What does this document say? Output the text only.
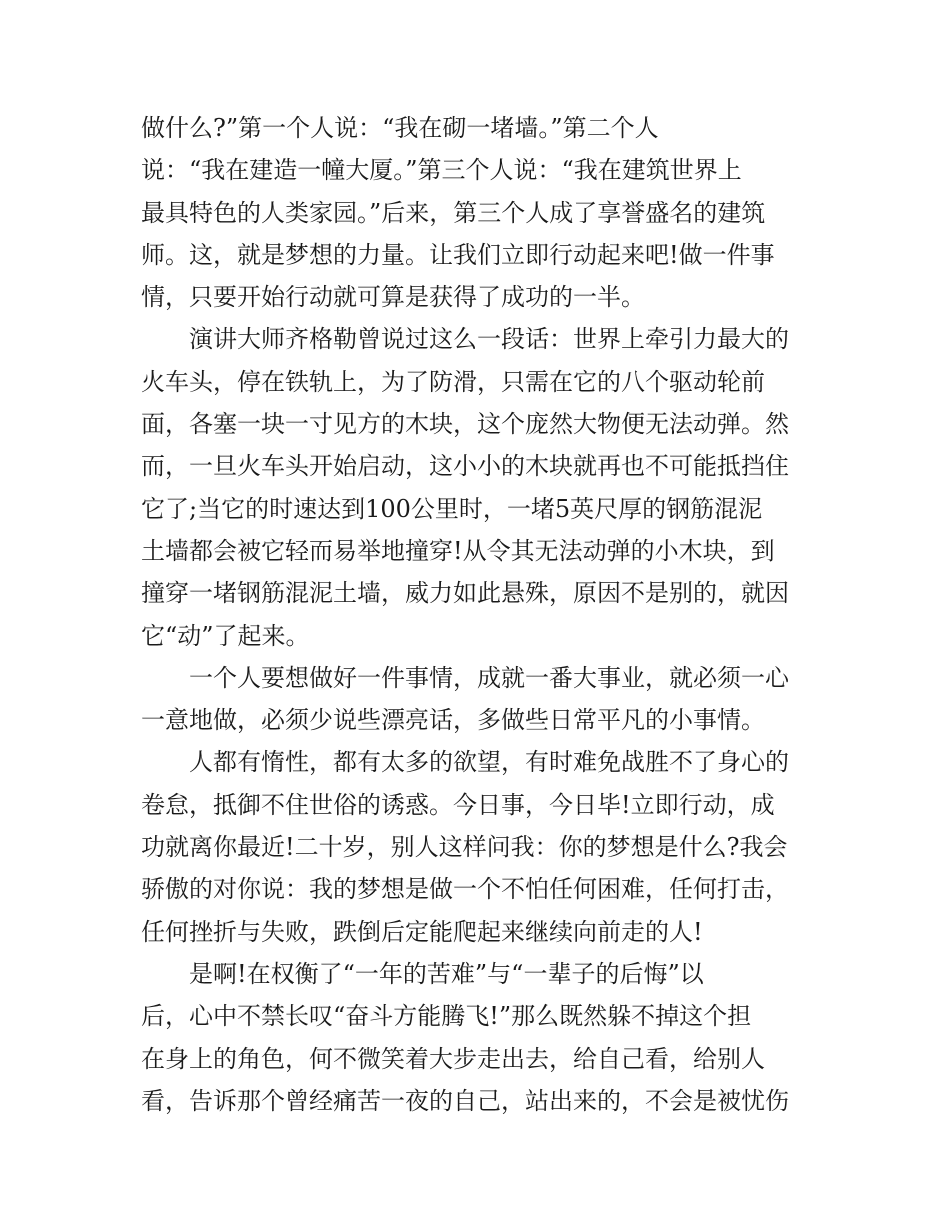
做什么?”第一个人说：“我在砌一堵墙。”第二个人
说：“我在建造一幢大厦。”第三个人说：“我在建筑世界上
最具特色的人类家园。”后来，第三个人成了享誉盛名的建筑
师。这，就是梦想的力量。让我们立即行动起来吧!做一件事
情，只要开始行动就可算是获得了成功的一半。
演讲大师齐格勒曾说过这么一段话：世界上牵引力最大的
火车头，停在铁轨上，为了防滑，只需在它的八个驱动轮前
面，各塞一块一寸见方的木块，这个庞然大物便无法动弹。然
而，一旦火车头开始启动，这小小的木块就再也不可能抵挡住
它了;当它的时速达到100公里时，一堵5英尺厚的钢筋混泥
土墙都会被它轻而易举地撞穿!从令其无法动弹的小木块，到
撞穿一堵钢筋混泥土墙，威力如此悬殊，原因不是别的，就因
它“动”了起来。
一个人要想做好一件事情，成就一番大事业，就必须一心
一意地做，必须少说些漂亮话，多做些日常平凡的小事情。
人都有惰性，都有太多的欲望，有时难免战胜不了身心的
卷怠，抵御不住世俗的诱惑。今日事，今日毕!立即行动，成
功就离你最近!二十岁，别人这样问我：你的梦想是什么?我会
骄傲的对你说：我的梦想是做一个不怕任何困难，任何打击，
任何挫折与失败，跌倒后定能爬起来继续向前走的人!
是啊!在权衡了“一年的苦难”与“一辈子的后悔”以
后，心中不禁长叹“奋斗方能腾飞!”那么既然躲不掉这个担
在身上的角色，何不微笑着大步走出去，给自己看，给别人
看，告诉那个曾经痛苦一夜的自己，站出来的，不会是被忧伤
